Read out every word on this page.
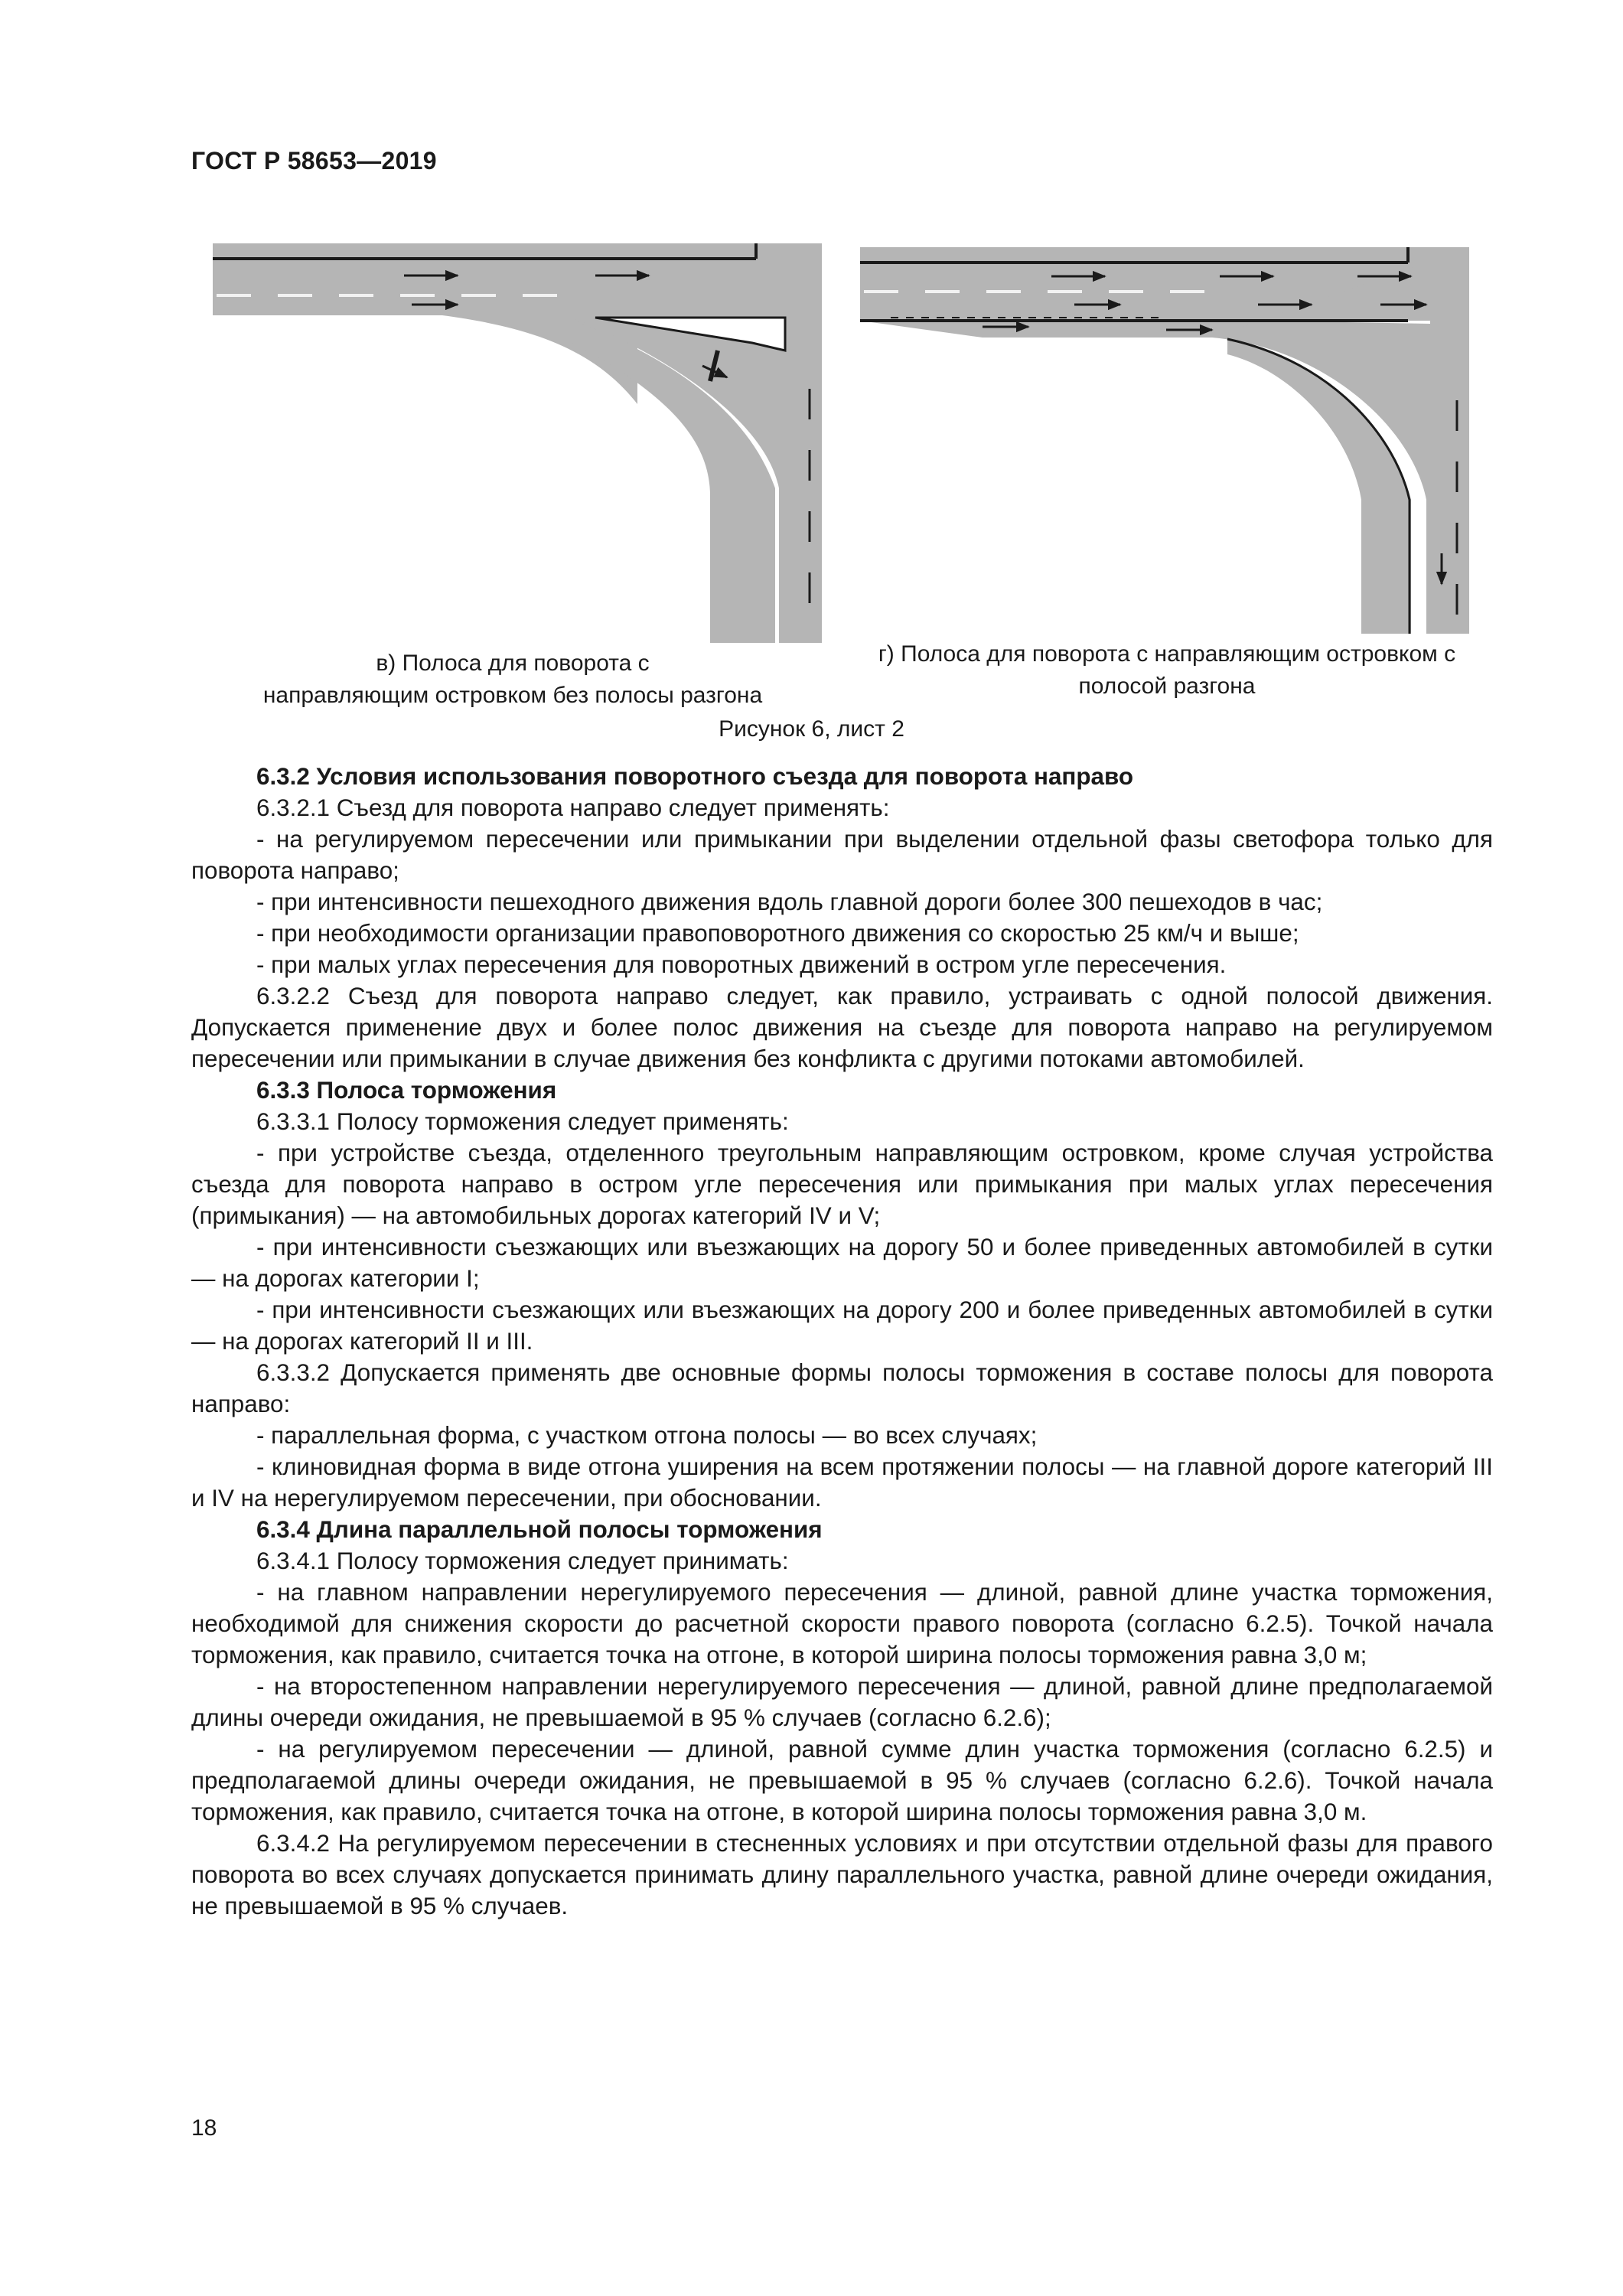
ГОСТ Р 58653—2019
в) Полоса для поворота с
направляющим островком без полосы разгона
г) Полоса для поворота с направляющим островком с
полосой разгона
Рисунок 6, лист 2

6.3.2 Условия использования поворотного съезда для поворота направо

6.3.2.1 Съезд для поворота направо следует применять:

- на регулируемом пересечении или примыкании при выделении отдельной фазы светофора только для поворота направо;

- при интенсивности пешеходного движения вдоль главной дороги более 300 пешеходов в час;

- при необходимости организации правоповоротного движения со скоростью 25 км/ч и выше;

- при малых углах пересечения для поворотных движений в остром угле пересечения.

6.3.2.2 Съезд для поворота направо следует, как правило, устраивать с одной полосой движения. Допускается применение двух и более полос движения на съезде для поворота направо на регулируемом пересечении или примыкании в случае движения без конфликта с другими потоками автомобилей.

6.3.3 Полоса торможения

6.3.3.1 Полосу торможения следует применять:

- при устройстве съезда, отделенного треугольным направляющим островком, кроме случая устройства съезда для поворота направо в остром угле пересечения или примыкания при малых углах пересечения (примыкания) — на автомобильных дорогах категорий IV и V;

- при интенсивности съезжающих или въезжающих на дорогу 50 и более приведенных автомобилей в сутки — на дорогах категории I;

- при интенсивности съезжающих или въезжающих на дорогу 200 и более приведенных автомобилей в сутки — на дорогах категорий II и III.

6.3.3.2 Допускается применять две основные формы полосы торможения в составе полосы для поворота направо:

- параллельная форма, с участком отгона полосы — во всех случаях;

- клиновидная форма в виде отгона уширения на всем протяжении полосы — на главной дороге категорий III и IV на нерегулируемом пересечении, при обосновании.

6.3.4 Длина параллельной полосы торможения

6.3.4.1 Полосу торможения следует принимать:

- на главном направлении нерегулируемого пересечения — длиной, равной длине участка торможения, необходимой для снижения скорости до расчетной скорости правого поворота (согласно 6.2.5). Точкой начала торможения, как правило, считается точка на отгоне, в которой ширина полосы торможения равна 3,0 м;

- на второстепенном направлении нерегулируемого пересечения — длиной, равной длине предполагаемой длины очереди ожидания, не превышаемой в 95 % случаев (согласно 6.2.6);

- на регулируемом пересечении — длиной, равной сумме длин участка торможения (согласно 6.2.5) и предполагаемой длины очереди ожидания, не превышаемой в 95 % случаев (согласно 6.2.6). Точкой начала торможения, как правило, считается точка на отгоне, в которой ширина полосы торможения равна 3,0 м.

6.3.4.2 На регулируемом пересечении в стесненных условиях и при отсутствии отдельной фазы для правого поворота во всех случаях допускается принимать длину параллельного участка, равной длине очереди ожидания, не превышаемой в 95 % случаев.

18
